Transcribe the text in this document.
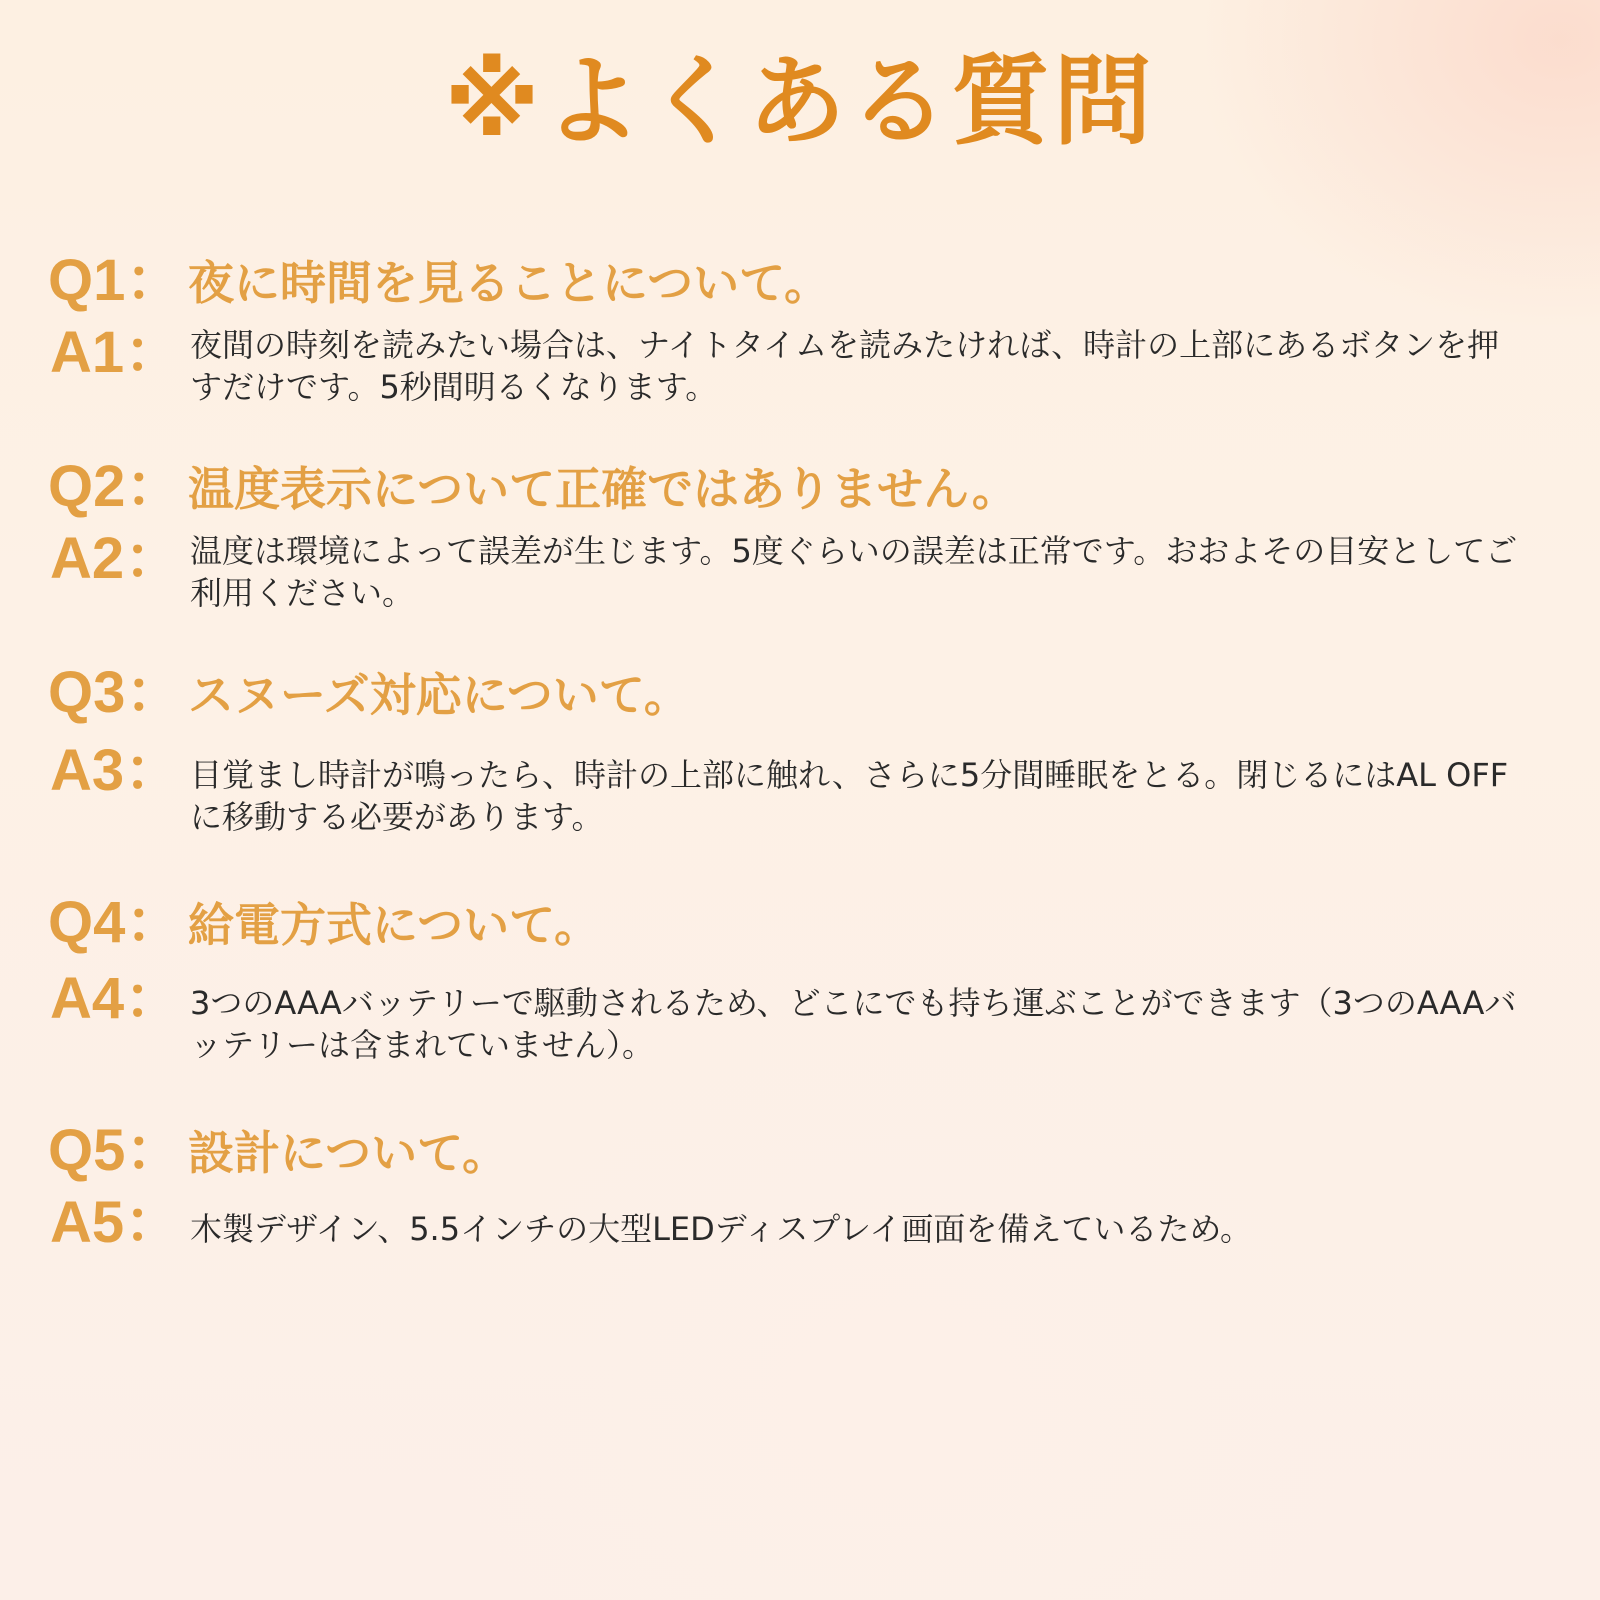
※よくある質問
Q1： 夜に時間を見ることについて。
A1： 夜間の時刻を読みたい場合は、ナイトタイムを読みたければ、時計の上部にあるボタンを押すだけです。5秒間明るくなります。
Q2： 温度表示について正確ではありません。
A2： 温度は環境によって誤差が生じます。5度ぐらいの誤差は正常です。おおよその目安としてご利用ください。
Q3： スヌーズ対応について。
A3： 目覚まし時計が鳴ったら、時計の上部に触れ、さらに5分間睡眠をとる。閉じるにはAL OFFに移動する必要があります。
Q4： 給電方式について。
A4： 3つのAAAバッテリーで駆動されるため、どこにでも持ち運ぶことができます（3つのAAAバッテリーは含まれていません）。
Q5： 設計について。
A5： 木製デザイン、5.5インチの大型LEDディスプレイ画面を備えているため。
